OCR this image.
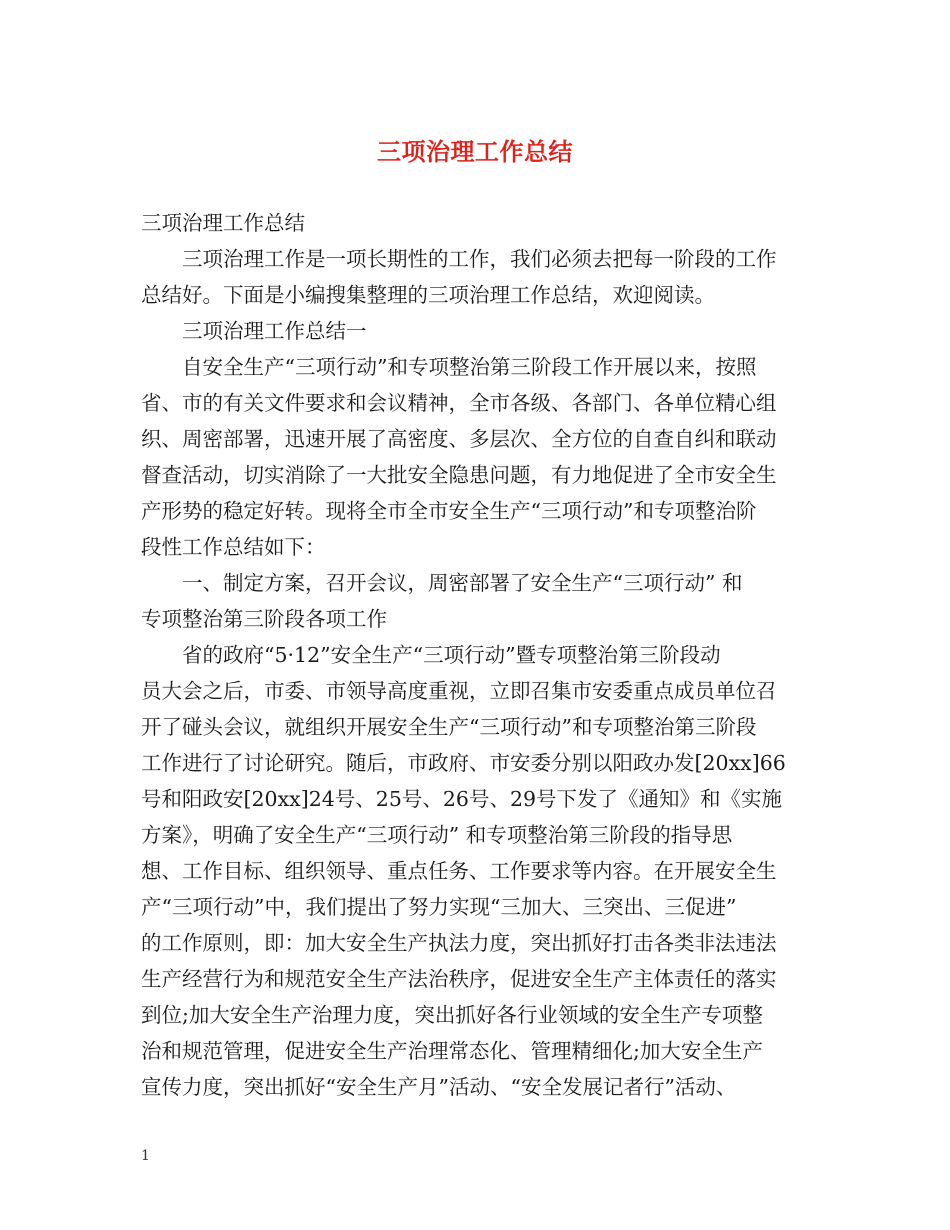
三项治理工作总结
三项治理工作总结
三项治理工作是一项长期性的工作，我们必须去把每一阶段的工作
总结好。下面是小编搜集整理的三项治理工作总结，欢迎阅读。
三项治理工作总结一
自安全生产“三项行动”和专项整治第三阶段工作开展以来，按照
省、市的有关文件要求和会议精神，全市各级、各部门、各单位精心组
织、周密部署，迅速开展了高密度、多层次、全方位的自查自纠和联动
督查活动，切实消除了一大批安全隐患问题，有力地促进了全市安全生
产形势的稳定好转。现将全市全市安全生产“三项行动”和专项整治阶
段性工作总结如下：
一、制定方案，召开会议，周密部署了安全生产“三项行动” 和
专项整治第三阶段各项工作
省的政府“5·12”安全生产“三项行动”暨专项整治第三阶段动
员大会之后，市委、市领导高度重视，立即召集市安委重点成员单位召
开了碰头会议，就组织开展安全生产“三项行动”和专项整治第三阶段
工作进行了讨论研究。随后，市政府、市安委分别以阳政办发[20xx]66
号和阳政安[20xx]24号、25号、26号、29号下发了《通知》和《实施
方案》，明确了安全生产“三项行动” 和专项整治第三阶段的指导思
想、工作目标、组织领导、重点任务、工作要求等内容。在开展安全生
产“三项行动”中，我们提出了努力实现“三加大、三突出、三促进”
的工作原则，即：加大安全生产执法力度，突出抓好打击各类非法违法
生产经营行为和规范安全生产法治秩序，促进安全生产主体责任的落实
到位;加大安全生产治理力度，突出抓好各行业领域的安全生产专项整
治和规范管理，促进安全生产治理常态化、管理精细化;加大安全生产
宣传力度，突出抓好“安全生产月”活动、“安全发展记者行”活动、
1
